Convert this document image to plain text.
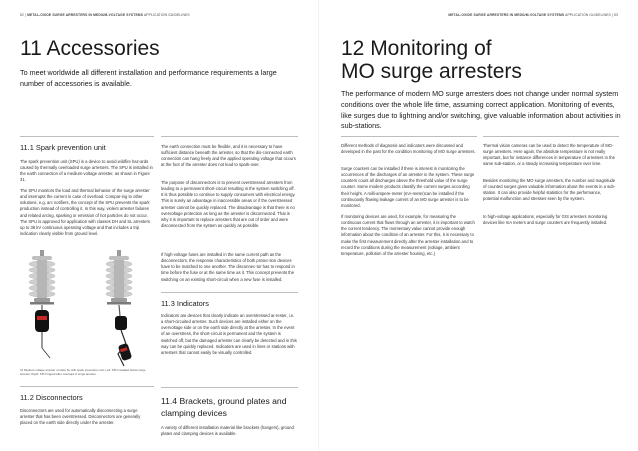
52 | METAL-OXIDE SURGE ARRESTERS IN MEDIUM-VOLTAGE SYSTEMS APPLICATION GUIDELINES	METAL-OXIDE SURGE ARRESTERS IN MEDIUM-VOLTAGE SYSTEMS APPLICATION GUIDELINES | 53
11 Accessories
To meet worldwide all different installation and performance requirements a large number of accessories is available.
11.1 Spark prevention unit
The spark prevention unit (SPU) is a device to avoid wildfire haz-ards caused by thermally overloaded surge arresters. The SPU is installed in the earth connection of a medium-voltage arrester, as shown in Figure 31.
The SPU monitors the load and thermal behavior of the surge arrester and interrupts the current in case of overload. Compar-ing to other solutions, e.g. arc notifiers, the concept of the SPU prevents the spark production instead of controlling it. In this way, violent arrester failures and related arcing, sparking or emission of hot particles do not occur. The SPU is approved for application with classes DH and SL arresters up to 36 kV continuous operating voltage and that includes a trip indication clearly visible from ground level.
31 Medium-voltage arrester of class SL with spark prevention unit. Left: SPU installed below surge arrester. Right: SPU tripped after overload of surge arrester.
11.2 Disconnectors
Disconnectors are used for automatically disconnecting a surge arrester that has been overstressed. Disconnectors are generally placed on the earth side directly under the arrester.
The earth connection must be flexible, and it is necessary to have sufficient distance beneath the arrester, so that the dis-connected earth connection can hang freely and the applied operating voltage that occurs at the foot of the arrester does not lead to spark-over.
The purpose of disconnectors is to prevent overstressed arresters from leading to a permanent short-circuit resulting in the system switching off. It is thus possible to continue to supply consumers with electrical energy. This is surely an advantage in inaccessible areas or if the overstressed arrester cannot be quickly replaced. The disadvantage is that there is no overvoltage protection as long as the arrester is disconnected. That is why it is important to replace arresters that are out of order and were disconnected from the system as quickly as possible.
If high-voltage fuses are installed in the same current path as the disconnectors, the response characteristics of both protec-tion devices have to be matched to one another. The disconnec-tor has to respond in time before the fuse or at the same time as it. This concept prevents the switching on an existing short-circuit when a new fuse is installed.
11.3 Indicators
Indicators are devices that clearly indicate an overstressed ar-rester, i.e. a short-circuited arrester. Such devices are installed either on the overvoltage side or on the earth side directly at the arrester. In the event of an overstress, the short-circuit is permanent and the system is switched off, but the damaged arrester can clearly be detected and in this way can be quickly replaced. Indicators are used in lines or stations with arresters that cannot easily be visually controlled.
11.4 Brackets, ground plates and
clamping devices
A variety of different installation material like brackets (hangers), ground plates and clamping devices is available.
12 Monitoring of
MO surge arresters
The performance of modern MO surge arresters does not change under normal system conditions over the whole life time, assuming correct application. Monitoring of events, like surges due to lightning and/or switching, give valuable information about activities in sub-stations.
Different methods of diagnosis and indicators were discussed and developed in the past for the condition monitoring of MO surge arresters.
Surge counters can be installed if there is interest in monitoring the occurrences of the discharges of an arrester in the system. These surge counters count all discharges above the threshold value of the surge counter. Some modern products classify the current surges according their height. A milli-ampere-meter (mA-meter)can be installed if the continuously flowing leakage current of an MO surge arrester is to be monitored.
If monitoring devices are used, for example, for measuring the continuous current that flows through an arrester, it is important to watch the current tendency. The momentary value cannot provide enough information about the condition of an arrester. For this, it is necessary to make the first measurement directly after the arrester installation and to record the conditions during the measurement (voltage, ambient temperature, pollution of the arrester housing, etc.)
Thermal vision cameras can be used to detect the temperature of MO-surge arresters. Here again, the absolute temperature is not really important, but for instance differences in temperature of arresters in the same sub-station, or a steady increasing temperature over time.
Besides monitoring the MO surge arresters, the number and magnitude of counted surges gives valuable information about the events in a sub-station. It can also provide helpful statistics for the performance, potential malfunction and stresses seen by the system.
In high-voltage applications, especially for GIS arresters monitoring devices like mA meters and surge counters are frequently installed.
